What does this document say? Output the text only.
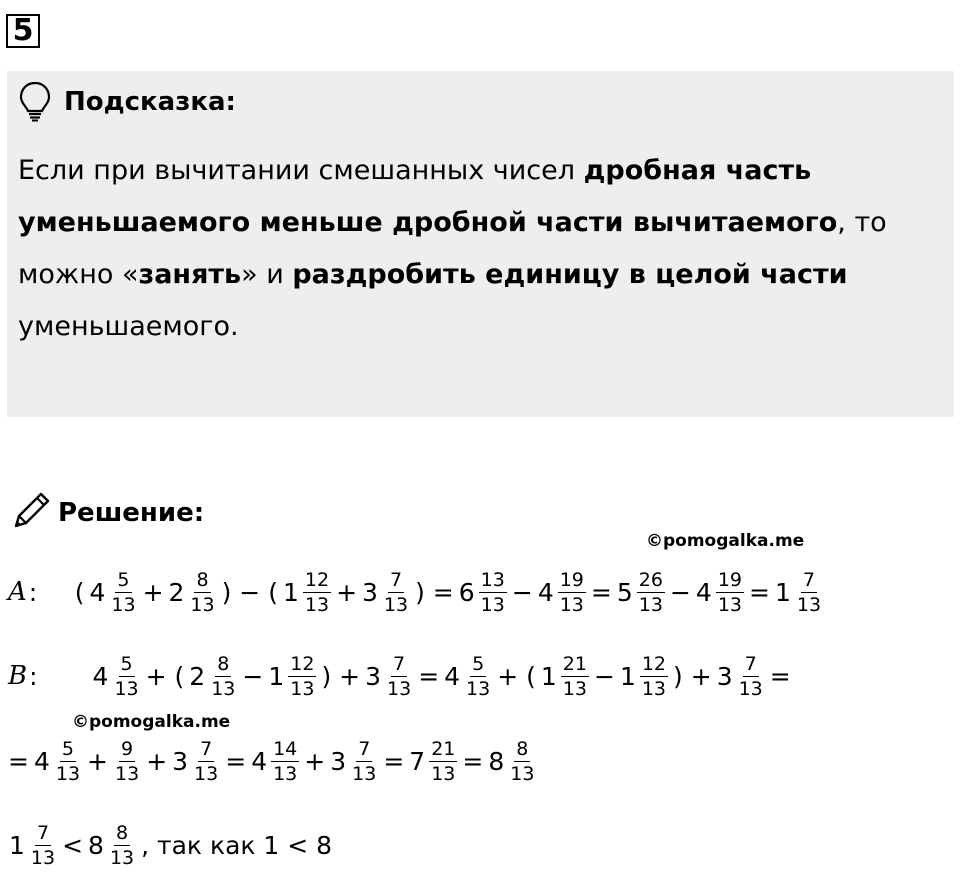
5
Подсказка:
Если при вычитании смешанных чисел дробная часть уменьшаемого меньше дробной части вычитаемого, то можно «занять» и раздробить единицу в целой части уменьшаемого.
Решение:
©pomogalka.me
©pomogalka.me
A :  ( $4 \frac{5}{13} + 2 \frac{8}{13}$ ) − ( $1 \frac{12}{13} + 3 \frac{7}{13}$ ) = $6 \frac{13}{13} - 4 \frac{19}{13} = 5 \frac{26}{13} - 4 \frac{19}{13} = 1 \frac{7}{13}$
B :   $4 \frac{5}{13}$ + ( $2 \frac{8}{13} - 1 \frac{12}{13}$ ) + $3 \frac{7}{13} = 4 \frac{5}{13}$ + ( $1 \frac{21}{13} - 1 \frac{12}{13}$ ) + $3 \frac{7}{13}$ =
= $4 \frac{5}{13} + \frac{9}{13} + 3 \frac{7}{13} = 4 \frac{14}{13} + 3 \frac{7}{13} = 7 \frac{21}{13} = 8 \frac{8}{13}$
$1 \frac{7}{13} < 8 \frac{8}{13}$ , так как 1 < 8
